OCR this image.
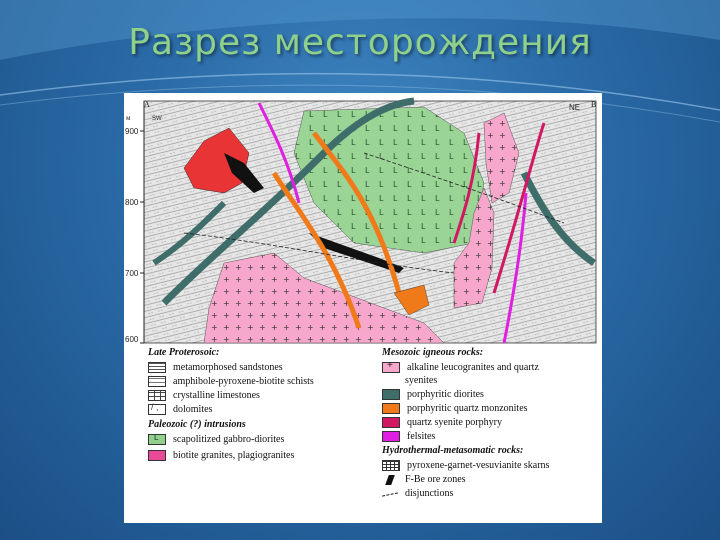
Разрез месторождения
900
800
700
600
A
м	SW
NE B
Late Proterosoic:
metamorphosed sandstones
amphibole-pyroxene-biotite schists
crystalline limestones
/ ,
dolomites
Paleozoic (?) intrusions
L
scapolitized gabbro-diorites
biotite granites, plagiogranites
Mesozoic igneous rocks:
+
alkaline leucogranites and quartz
syenites
porphyritic diorites
porphyritic quartz monzonites
quartz syenite porphyry
felsites
Hydrothermal-metasomatic rocks:
pyroxene-garnet-vesuvianite skarns
F-Be ore zones
disjunctions
